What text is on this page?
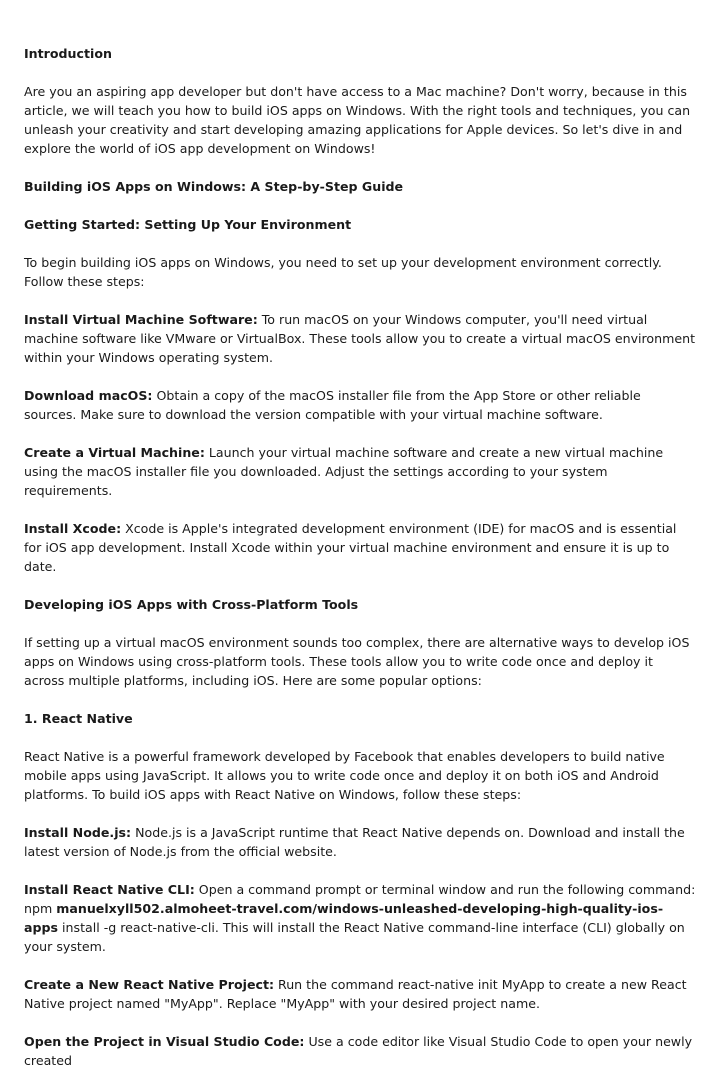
Introduction

Are you an aspiring app developer but don't have access to a Mac machine? Don't worry, because in this article, we will teach you how to build iOS apps on Windows. With the right tools and techniques, you can unleash your creativity and start developing amazing applications for Apple devices. So let's dive in and explore the world of iOS app development on Windows!

Building iOS Apps on Windows: A Step-by-Step Guide

Getting Started: Setting Up Your Environment

To begin building iOS apps on Windows, you need to set up your development environment correctly. Follow these steps:

Install Virtual Machine Software: To run macOS on your Windows computer, you'll need virtual machine software like VMware or VirtualBox. These tools allow you to create a virtual macOS environment within your Windows operating system.

Download macOS: Obtain a copy of the macOS installer file from the App Store or other reliable sources. Make sure to download the version compatible with your virtual machine software.

Create a Virtual Machine: Launch your virtual machine software and create a new virtual machine using the macOS installer file you downloaded. Adjust the settings according to your system requirements.

Install Xcode: Xcode is Apple's integrated development environment (IDE) for macOS and is essential for iOS app development. Install Xcode within your virtual machine environment and ensure it is up to date.

Developing iOS Apps with Cross-Platform Tools

If setting up a virtual macOS environment sounds too complex, there are alternative ways to develop iOS apps on Windows using cross-platform tools. These tools allow you to write code once and deploy it across multiple platforms, including iOS. Here are some popular options:

1. React Native

React Native is a powerful framework developed by Facebook that enables developers to build native mobile apps using JavaScript. It allows you to write code once and deploy it on both iOS and Android platforms. To build iOS apps with React Native on Windows, follow these steps:

Install Node.js: Node.js is a JavaScript runtime that React Native depends on. Download and install the latest version of Node.js from the official website.

Install React Native CLI: Open a command prompt or terminal window and run the following command: npm manuelxyll502.almoheet-travel.com/windows-unleashed-developing-high-quality-ios-apps install -g react-native-cli. This will install the React Native command-line interface (CLI) globally on your system.

Create a New React Native Project: Run the command react-native init MyApp to create a new React Native project named "MyApp". Replace "MyApp" with your desired project name.

Open the Project in Visual Studio Code: Use a code editor like Visual Studio Code to open your newly created
